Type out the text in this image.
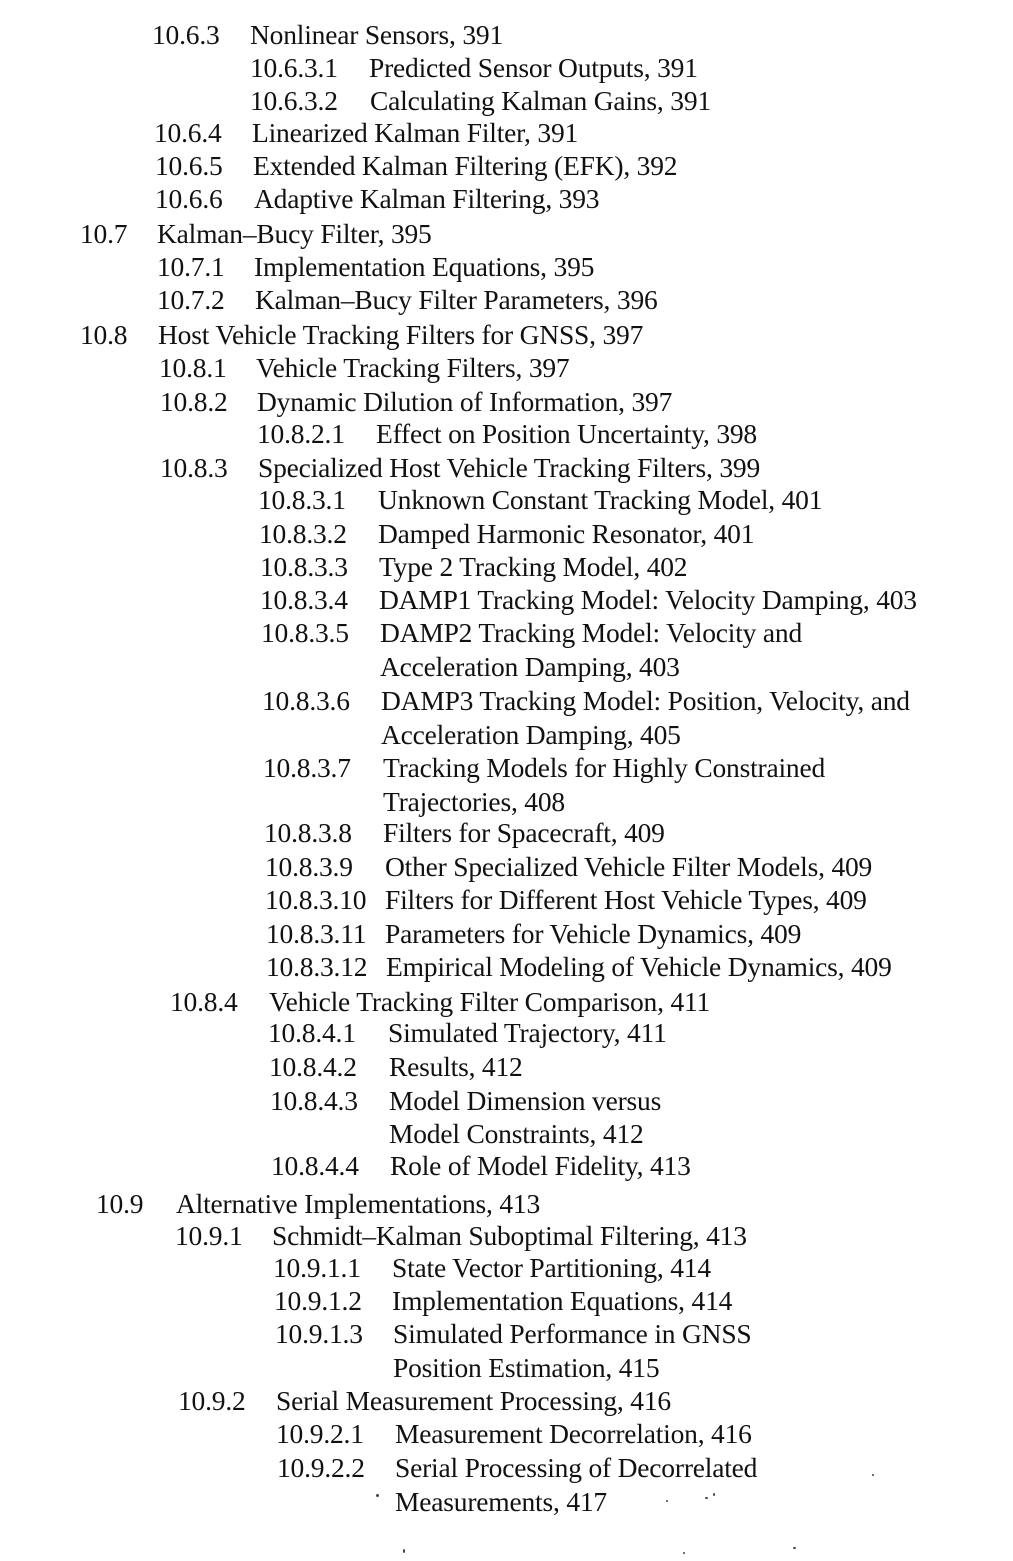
10.6.3 Nonlinear Sensors, 391
10.6.3.1 Predicted Sensor Outputs, 391
10.6.3.2 Calculating Kalman Gains, 391
10.6.4 Linearized Kalman Filter, 391
10.6.5 Extended Kalman Filtering (EFK), 392
10.6.6 Adaptive Kalman Filtering, 393
10.7 Kalman–Bucy Filter, 395
10.7.1 Implementation Equations, 395
10.7.2 Kalman–Bucy Filter Parameters, 396
10.8 Host Vehicle Tracking Filters for GNSS, 397
10.8.1 Vehicle Tracking Filters, 397
10.8.2 Dynamic Dilution of Information, 397
10.8.2.1 Effect on Position Uncertainty, 398
10.8.3 Specialized Host Vehicle Tracking Filters, 399
10.8.3.1 Unknown Constant Tracking Model, 401
10.8.3.2 Damped Harmonic Resonator, 401
10.8.3.3 Type 2 Tracking Model, 402
10.8.3.4 DAMP1 Tracking Model: Velocity Damping, 403
10.8.3.5 DAMP2 Tracking Model: Velocity and
Acceleration Damping, 403
10.8.3.6 DAMP3 Tracking Model: Position, Velocity, and
Acceleration Damping, 405
10.8.3.7 Tracking Models for Highly Constrained
Trajectories, 408
10.8.3.8 Filters for Spacecraft, 409
10.8.3.9 Other Specialized Vehicle Filter Models, 409
10.8.3.10 Filters for Different Host Vehicle Types, 409
10.8.3.11 Parameters for Vehicle Dynamics, 409
10.8.3.12 Empirical Modeling of Vehicle Dynamics, 409
10.8.4 Vehicle Tracking Filter Comparison, 411
10.8.4.1 Simulated Trajectory, 411
10.8.4.2 Results, 412
10.8.4.3 Model Dimension versus
Model Constraints, 412
10.8.4.4 Role of Model Fidelity, 413
10.9 Alternative Implementations, 413
10.9.1 Schmidt–Kalman Suboptimal Filtering, 413
10.9.1.1 State Vector Partitioning, 414
10.9.1.2 Implementation Equations, 414
10.9.1.3 Simulated Performance in GNSS
Position Estimation, 415
10.9.2 Serial Measurement Processing, 416
10.9.2.1 Measurement Decorrelation, 416
10.9.2.2 Serial Processing of Decorrelated
Measurements, 417
